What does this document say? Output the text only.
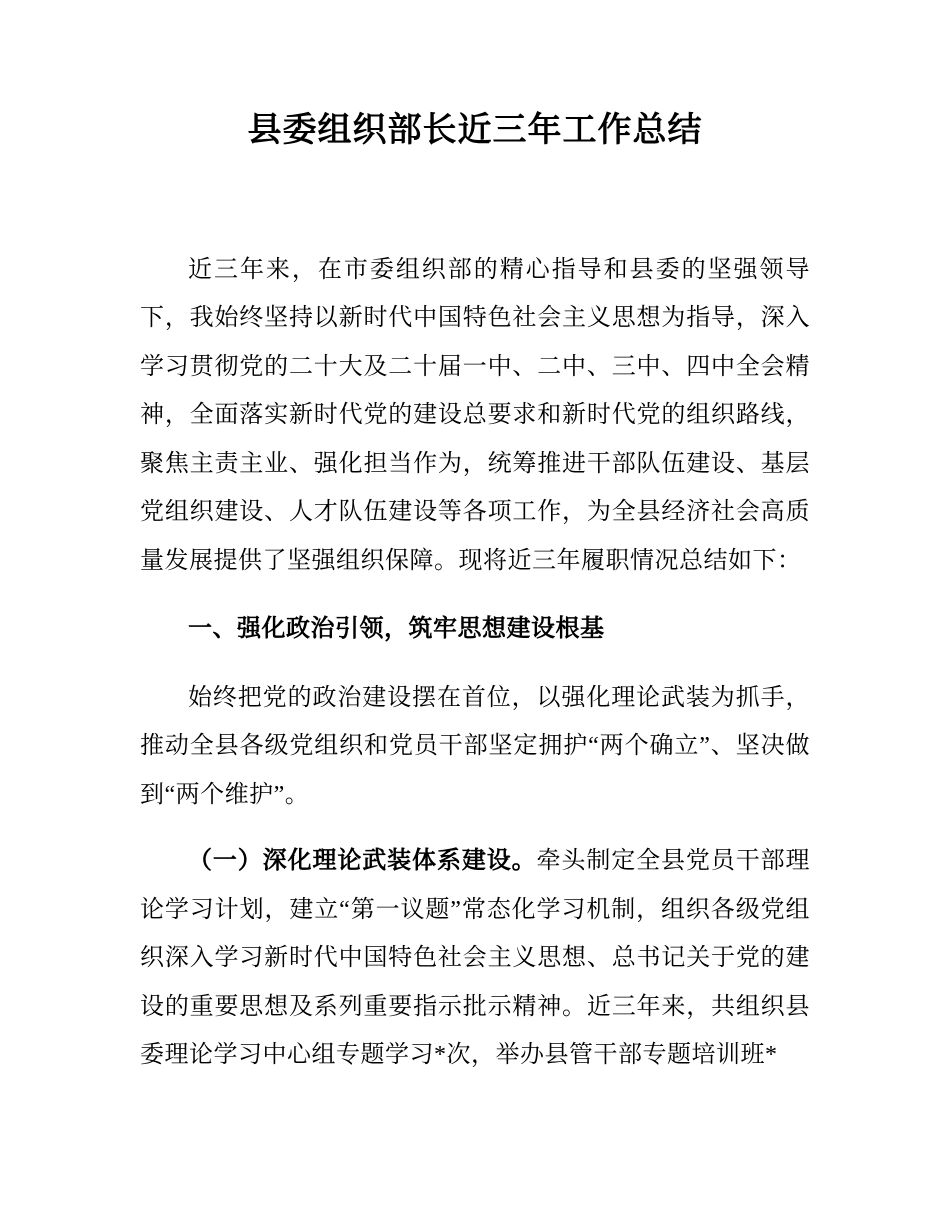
县委组织部长近三年工作总结

近三年来，在市委组织部的精心指导和县委的坚强领导下，我始终坚持以新时代中国特色社会主义思想为指导，深入学习贯彻党的二十大及二十届一中、二中、三中、四中全会精神，全面落实新时代党的建设总要求和新时代党的组织路线，聚焦主责主业、强化担当作为，统筹推进干部队伍建设、基层党组织建设、人才队伍建设等各项工作，为全县经济社会高质量发展提供了坚强组织保障。现将近三年履职情况总结如下：

一、强化政治引领，筑牢思想建设根基

始终把党的政治建设摆在首位，以强化理论武装为抓手，推动全县各级党组织和党员干部坚定拥护“两个确立”、坚决做到“两个维护”。

（一）深化理论武装体系建设。牵头制定全县党员干部理论学习计划，建立“第一议题”常态化学习机制，组织各级党组织深入学习新时代中国特色社会主义思想、总书记关于党的建设的重要思想及系列重要指示批示精神。近三年来，共组织县委理论学习中心组专题学习*次，举办县管干部专题培训班*
